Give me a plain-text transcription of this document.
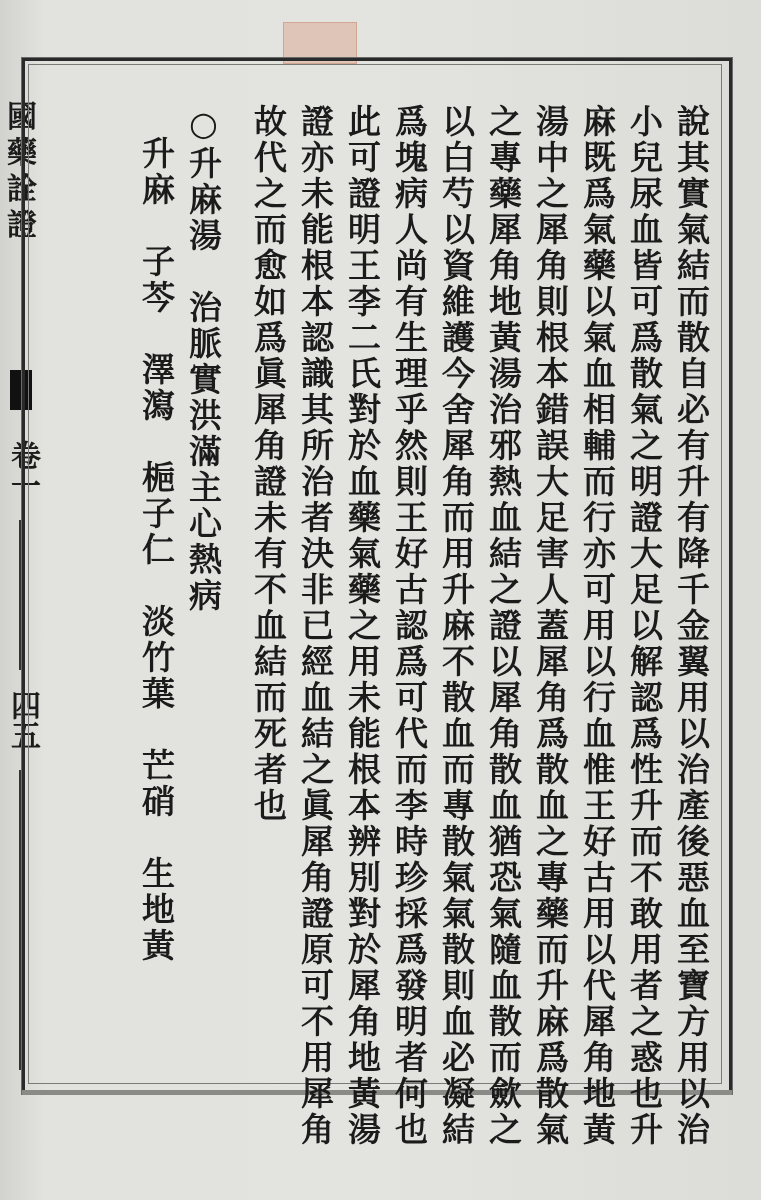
國藥詮證
卷一
四五	說其實氣結而散自必有升有降千金翼用以治產後惡血至寶方用以治
小兒尿血皆可爲散氣之明證大足以解認爲性升而不敢用者之惑也升
麻既爲氣藥以氣血相輔而行亦可用以行血惟王好古用以代犀角地黃
湯中之犀角則根本錯誤大足害人蓋犀角爲散血之專藥而升麻爲散氣
之專藥犀角地黃湯治邪熱血結之證以犀角散血猶恐氣隨血散而歛之
以白芍以資維護今舍犀角而用升麻不散血而專散氣氣散則血必凝結
爲塊病人尚有生理乎然則王好古認爲可代而李時珍採爲發明者何也
此可證明王李二氏對於血藥氣藥之用未能根本辨別對於犀角地黃湯
證亦未能根本認識其所治者決非已經血結之眞犀角證原可不用犀角
故代之而愈如爲眞犀角證未有不血結而死者也
○升麻湯　治脈實洪滿主心熱病
升麻　子芩　澤瀉　梔子仁　淡竹葉　芒硝　生地黃
